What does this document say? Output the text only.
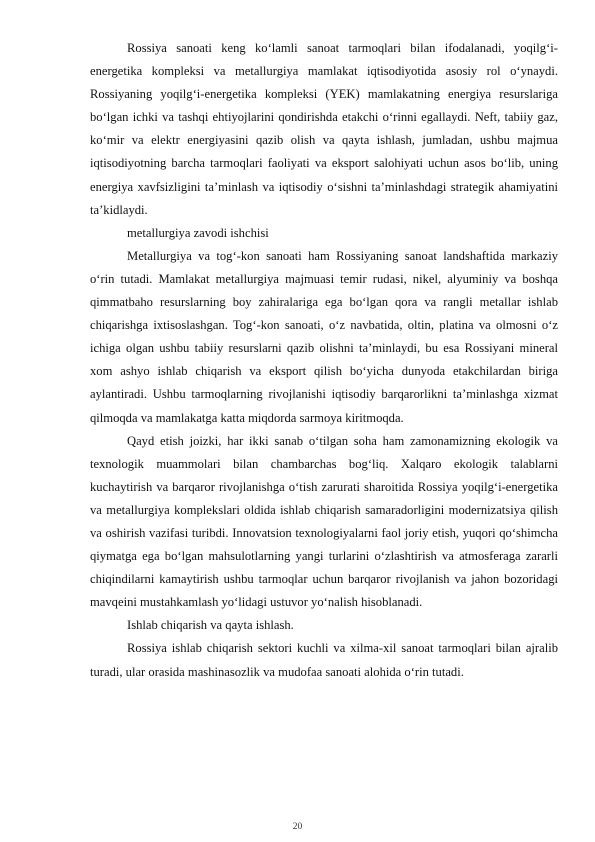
Rossiya sanoati keng ko‘lamli sanoat tarmoqlari bilan ifodalanadi, yoqilg‘i-energetika kompleksi va metallurgiya mamlakat iqtisodiyotida asosiy rol o‘ynaydi. Rossiyaning yoqilg‘i-energetika kompleksi (YEK) mamlakatning energiya resurslariga bo‘lgan ichki va tashqi ehtiyojlarini qondirishda etakchi o‘rinni egallaydi. Neft, tabiiy gaz, ko‘mir va elektr energiyasini qazib olish va qayta ishlash, jumladan, ushbu majmua iqtisodiyotning barcha tarmoqlari faoliyati va eksport salohiyati uchun asos bo‘lib, uning energiya xavfsizligini ta’minlash va iqtisodiy o‘sishni ta’minlashdagi strategik ahamiyatini ta’kidlaydi.

metallurgiya zavodi ishchisi

Metallurgiya va tog‘-kon sanoati ham Rossiyaning sanoat landshaftida markaziy o‘rin tutadi. Mamlakat metallurgiya majmuasi temir rudasi, nikel, alyuminiy va boshqa qimmatbaho resurslarning boy zahiralariga ega bo‘lgan qora va rangli metallar ishlab chiqarishga ixtisoslashgan. Tog‘-kon sanoati, o‘z navbatida, oltin, platina va olmosni o‘z ichiga olgan ushbu tabiiy resurslarni qazib olishni ta’minlaydi, bu esa Rossiyani mineral xom ashyo ishlab chiqarish va eksport qilish bo‘yicha dunyoda etakchilardan biriga aylantiradi. Ushbu tarmoqlarning rivojlanishi iqtisodiy barqarorlikni ta’minlashga xizmat qilmoqda va mamlakatga katta miqdorda sarmoya kiritmoqda.

Qayd etish joizki, har ikki sanab o‘tilgan soha ham zamonamizning ekologik va texnologik muammolari bilan chambarchas bog‘liq. Xalqaro ekologik talablarni kuchaytirish va barqaror rivojlanishga o‘tish zarurati sharoitida Rossiya yoqilg‘i-energetika va metallurgiya komplekslari oldida ishlab chiqarish samaradorligini modernizatsiya qilish va oshirish vazifasi turibdi. Innovatsion texnologiyalarni faol joriy etish, yuqori qo‘shimcha qiymatga ega bo‘lgan mahsulotlarning yangi turlarini o‘zlashtirish va atmosferaga zararli chiqindilarni kamaytirish ushbu tarmoqlar uchun barqaror rivojlanish va jahon bozoridagi mavqeini mustahkamlash yo‘lidagi ustuvor yo‘nalish hisoblanadi.

Ishlab chiqarish va qayta ishlash.

Rossiya ishlab chiqarish sektori kuchli va xilma-xil sanoat tarmoqlari bilan ajralib turadi, ular orasida mashinasozlik va mudofaa sanoati alohida o‘rin tutadi.

20
